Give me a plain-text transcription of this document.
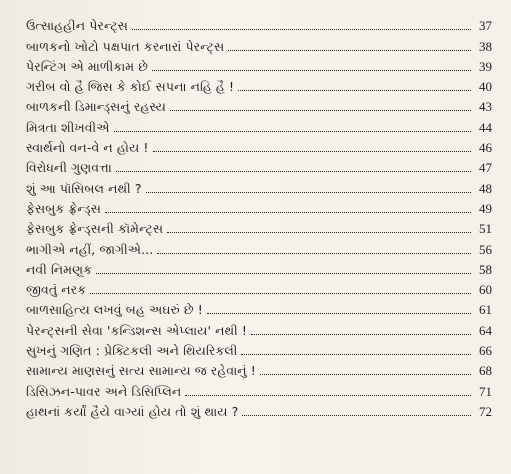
ઉત્સાહહીન પેરન્ટ્સ	37
બાળકનો ખોટો પક્ષપાત કરનારાં પેરન્ટ્સ	38
પેરન્ટિંગ એ માળીકામ છે	39
ગરીબ વો હૈ જિસ કે કોઈ સપના નહિ હૈ !	40
બાળકની ડિમાન્ડ્સનું રહસ્ય	43
મિત્રતા શીખવીએ	44
સ્વાર્થનો વન-વે ન હોય !	46
વિરોધની ગુણવત્તા	47
શું આ પૉસિબલ નથી ?	48
ફેસબુક ફ્રેન્ડ્સ	49
ફેસબુક ફ્રેન્ડ્સની કૉમેન્ટ્સ	51
ભાગીએ નહીં, જાગીએ...	56
નવી નિમણૂક	58
જીવતું નરક	60
બાળસાહિત્ય લખવું બહુ અઘરું છે !	61
પેરન્ટ્સની સેવા 'કન્ડિશન્સ એપ્લાય' નથી !	64
સુખનું ગણિત : પ્રેક્ટિકલી અને થિયરિકલી	66
સામાન્ય માણસનું સત્ય સામાન્ય જ રહેવાનું !	68
ડિસિઝન-પાવર અને ડિસિપ્લિન	71
હાથનાં કર્યાં હૈયે વાગ્યાં હોય તો શું થાય ?	72
